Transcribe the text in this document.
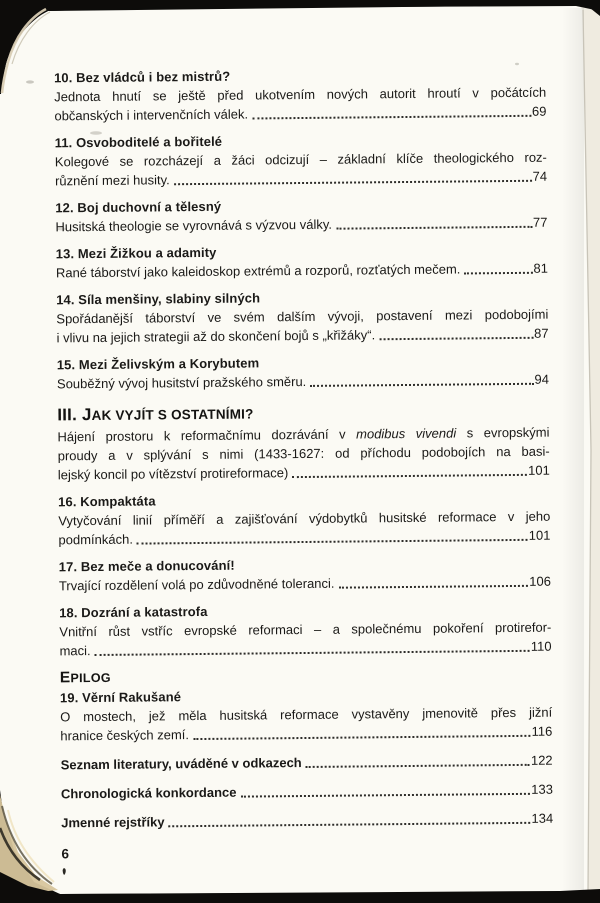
10. Bez vládců i bez mistrů?
Jednota hnutí se ještě před ukotvením nových autorit hroutí v počátcích
občanských i intervenčních válek.	69
11. Osvoboditelé a bořitelé
Kolegové se rozcházejí a žáci odcizují – základní klíče theologického roz-
různění mezi husity.	74
12. Boj duchovní a tělesný
Husitská theologie se vyrovnává s výzvou války.	77
13. Mezi Žižkou a adamity
Rané táborství jako kaleidoskop extrémů a rozporů, rozťatých mečem.	81
14. Síla menšiny, slabiny silných
Spořádanější táborství ve svém dalším vývoji, postavení mezi podobojími
i vlivu na jejich strategii až do skončení bojů s „křižáky“.	87
15. Mezi Želivským a Korybutem
Souběžný vývoj husitství pražského směru.	94
III. JAK VYJÍT S OSTATNÍMI?
Hájení prostoru k reformačnímu dozrávání v modibus vivendi s evropskými
proudy a v splývání s nimi (1433-1627: od příchodu podobojích na basi-
lejský koncil po vítězství protireformace)	101
16. Kompaktáta
Vytyčování linií příměří a zajišťování výdobytků husitské reformace v jeho
podmínkách.	101
17. Bez meče a donucování!
Trvající rozdělení volá po zdůvodněné toleranci.	106
18. Dozrání a katastrofa
Vnitřní růst vstříc evropské reformaci – a společnému pokoření protirefor-
maci.	110
EPILOG
19. Věrní Rakušané
O mostech, jež měla husitská reformace vystavěny jmenovitě přes jižní
hranice českých zemí.	116
Seznam literatury, uváděné v odkazech	122
Chronologická konkordance	133
Jmenné rejstříky	134
6
